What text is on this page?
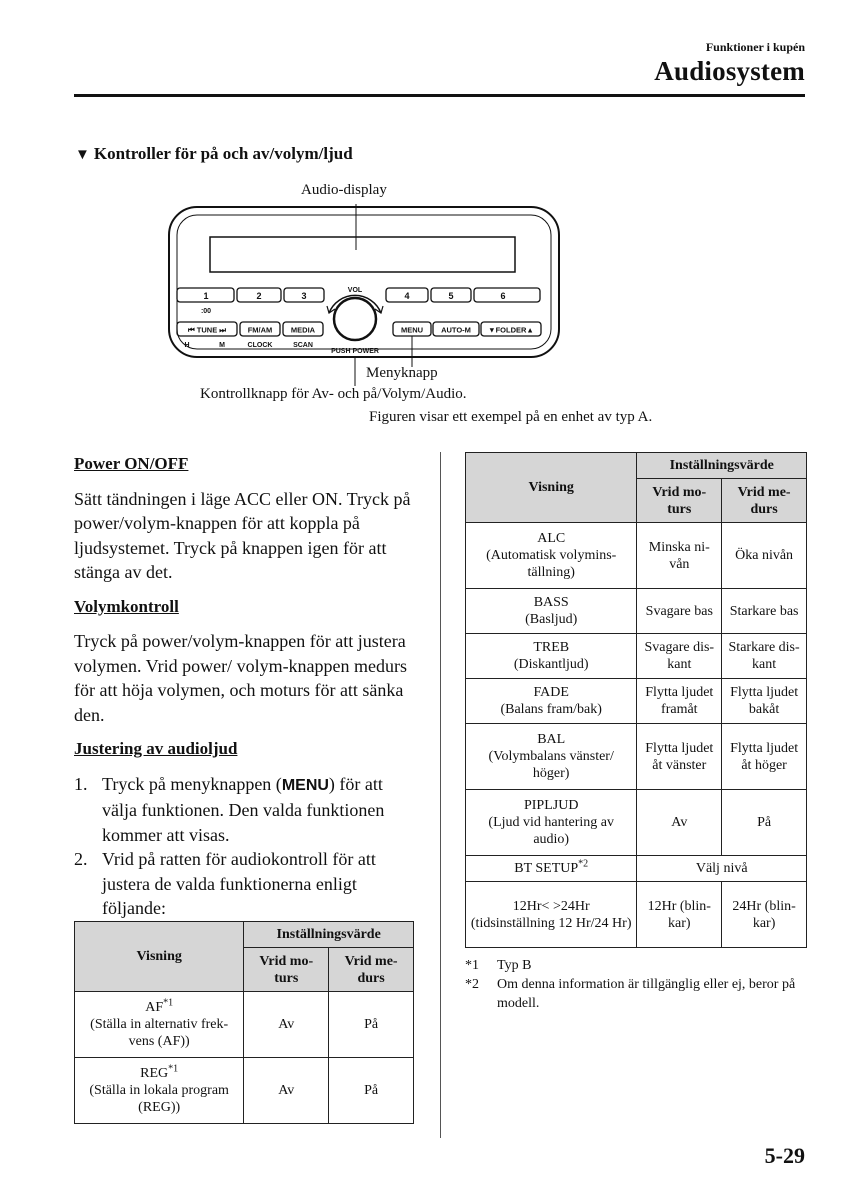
Funktioner i kupén
Audiosystem
▼ Kontroller för på och av/volym/ljud
Audio-display
1	2	3	4	5	6
:00
⏮ TUNE ⏭	FM/AM MEDIA	MENU AUTO-M ▼FOLDER▲
H	M	CLOCK	SCAN
VOL
PUSH POWER
Menyknapp
Kontrollknapp för Av- och på/Volym/Audio.
Figuren visar ett exempel på en enhet av typ A.
Power ON/OFF
Sätt tändningen i läge ACC eller ON. Tryck på power/volym-knappen för att koppla på ljudsystemet. Tryck på knappen igen för att stänga av det.
Volymkontroll
Tryck på power/volym-knappen för att justera volymen. Vrid power/ volym-knappen medurs för att höja volymen, och moturs för att sänka den.
Justering av audioljud
1. Tryck på menyknappen (MENU) för att välja funktionen. Den valda funktionen kommer att visas.
2. Vrid på ratten för audiokontroll för att justera de valda funktionerna enligt följande:
Visning	Inställningsvärde	
	Vrid mo-turs	Vrid me-durs
AF$^{*1}$
(Ställa in alternativ frek-vens (AF))	Av	På
REG$^{*1}$
(Ställa in lokala program (REG))	Av	På
Visning	Inställningsvärde	
	Vrid mo-turs	Vrid me-durs
ALC
(Automatisk volymins-tällning)	Minska ni-vån	Öka nivån
BASS
(Basljud)	Svagare bas	Starkare bas
TREB
(Diskantljud)	Svagare dis-kant	Starkare dis-kant
FADE
(Balans fram/bak)	Flytta ljudet framåt	Flytta ljudet bakåt
BAL
(Volymbalans vänster/ höger)	Flytta ljudet åt vänster	Flytta ljudet åt höger
PIPLJUD
(Ljud vid hantering av audio)	Av	På
BT SETUP$^{*2}$	Välj nivå	
12Hr< >24Hr
(tidsinställning 12 Hr/24 Hr)	12Hr (blin-kar)	24Hr (blin-kar)
*1	Typ B
*2	Om denna information är tillgänglig eller ej, beror på modell.
5-29
